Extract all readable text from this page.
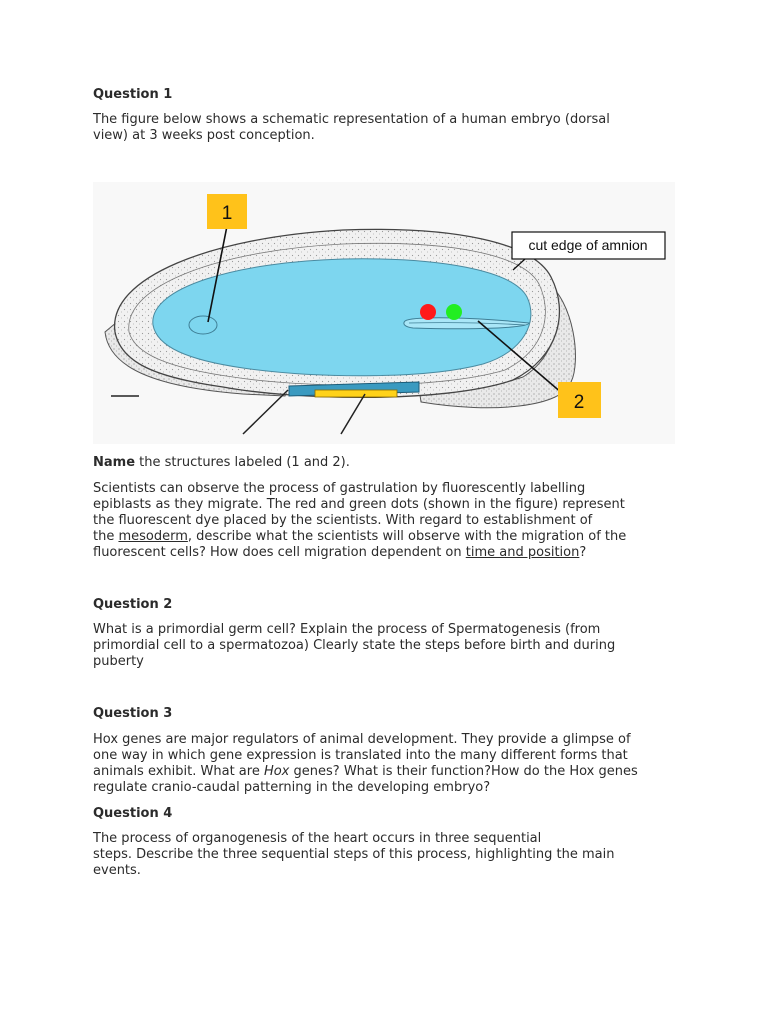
Question 1

The figure below shows a schematic representation of a human embryo (dorsal

view) at 3 weeks post conception.

1
2
cut edge of amnion

Name the structures labeled (1 and 2).

Scientists can observe the process of gastrulation by fluorescently labelling

epiblasts as they migrate. The red and green dots (shown in the figure) represent

the fluorescent dye placed by the scientists. With regard to establishment of

the mesoderm, describe what the scientists will observe with the migration of the

fluorescent cells? How does cell migration dependent on time and position?

Question 2

What is a primordial germ cell? Explain the process of Spermatogenesis (from

primordial cell to a spermatozoa) Clearly state the steps before birth and during

puberty

Question 3

Hox genes are major regulators of animal development. They provide a glimpse of

one way in which gene expression is translated into the many different forms that

animals exhibit. What are Hox genes? What is their function?How do the Hox genes

regulate cranio-caudal patterning in the developing embryo?

Question 4

The process of organogenesis of the heart occurs in three sequential

steps. Describe the three sequential steps of this process, highlighting the main

events.
